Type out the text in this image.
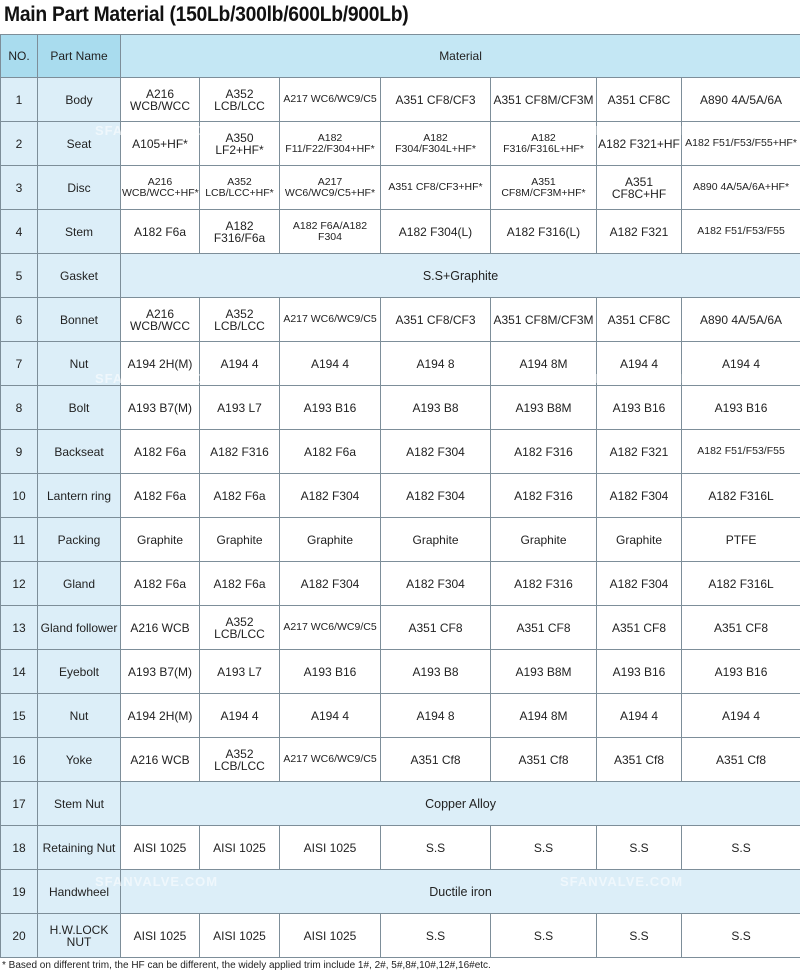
Main Part Material (150Lb/300lb/600Lb/900Lb)
NO.	Part Name	Material						
1	Body	A216 WCB/WCC	A352 LCB/LCC	A217 WC6/WC9/C5	A351 CF8/CF3	A351 CF8M/CF3M	A351 CF8C	A890 4A/5A/6A
2	Seat	A105+HF*	A350 LF2+HF*	A182 F11/F22/F304+HF*	A182 F304/F304L+HF*	A182 F316/F316L+HF*	A182 F321+HF	A182 F51/F53/F55+HF*

3	Disc	A216 WCB/WCC+HF*	A352 LCB/LCC+HF*	A217 WC6/WC9/C5+HF*	A351 CF8/CF3+HF*	A351 CF8M/CF3M+HF*	A351 CF8C+HF	A890 4A/5A/6A+HF*

4	Stem	A182 F6a	A182 F316/F6a	A182 F6A/A182 F304	A182 F304(L)	A182 F316(L)	A182 F321	A182 F51/F53/F55

5	Gasket	S.S+Graphite						
6	Bonnet	A216 WCB/WCC	A352 LCB/LCC	A217 WC6/WC9/C5	A351 CF8/CF3	A351 CF8M/CF3M	A351 CF8C	A890 4A/5A/6A
7	Nut	A194 2H(M)	A194 4	A194 4	A194 8	A194 8M	A194 4	A194 4
8	Bolt	A193 B7(M)	A193 L7	A193 B16	A193 B8	A193 B8M	A193 B16	A193 B16
9	Backseat	A182 F6a	A182 F316	A182 F6a	A182 F304	A182 F316	A182 F321	A182 F51/F53/F55

10	Lantern ring	A182 F6a	A182 F6a	A182 F304	A182 F304	A182 F316	A182 F304	A182 F316L
11	Packing	Graphite	Graphite	Graphite	Graphite	Graphite	Graphite	PTFE
12	Gland	A182 F6a	A182 F6a	A182 F304	A182 F304	A182 F316	A182 F304	A182 F316L
13	Gland follower	A216 WCB	A352 LCB/LCC	A217 WC6/WC9/C5	A351 CF8	A351 CF8	A351 CF8	A351 CF8
14	Eyebolt	A193 B7(M)	A193 L7	A193 B16	A193 B8	A193 B8M	A193 B16	A193 B16
15	Nut	A194 2H(M)	A194 4	A194 4	A194 8	A194 8M	A194 4	A194 4
16	Yoke	A216 WCB	A352 LCB/LCC	A217 WC6/WC9/C5	A351 Cf8	A351 Cf8	A351 Cf8	A351 Cf8
17	Stem Nut	Copper Alloy						
18	Retaining Nut	AISI 1025	AISI 1025	AISI 1025	S.S	S.S	S.S	S.S
19	Handwheel	Ductile iron						
20	H.W.LOCK NUT	AISI 1025	AISI 1025	AISI 1025	S.S	S.S	S.S	S.S
* Based on different trim, the HF can be different, the widely applied trim include 1#, 2#, 5#,8#,10#,12#,16#etc.
SFANVALVE.COM	SFANVALVE.COM
SFANVALVE.COM	SFANVALVE.COM
SFANVALVE.COM	SFANVALVE.COM
